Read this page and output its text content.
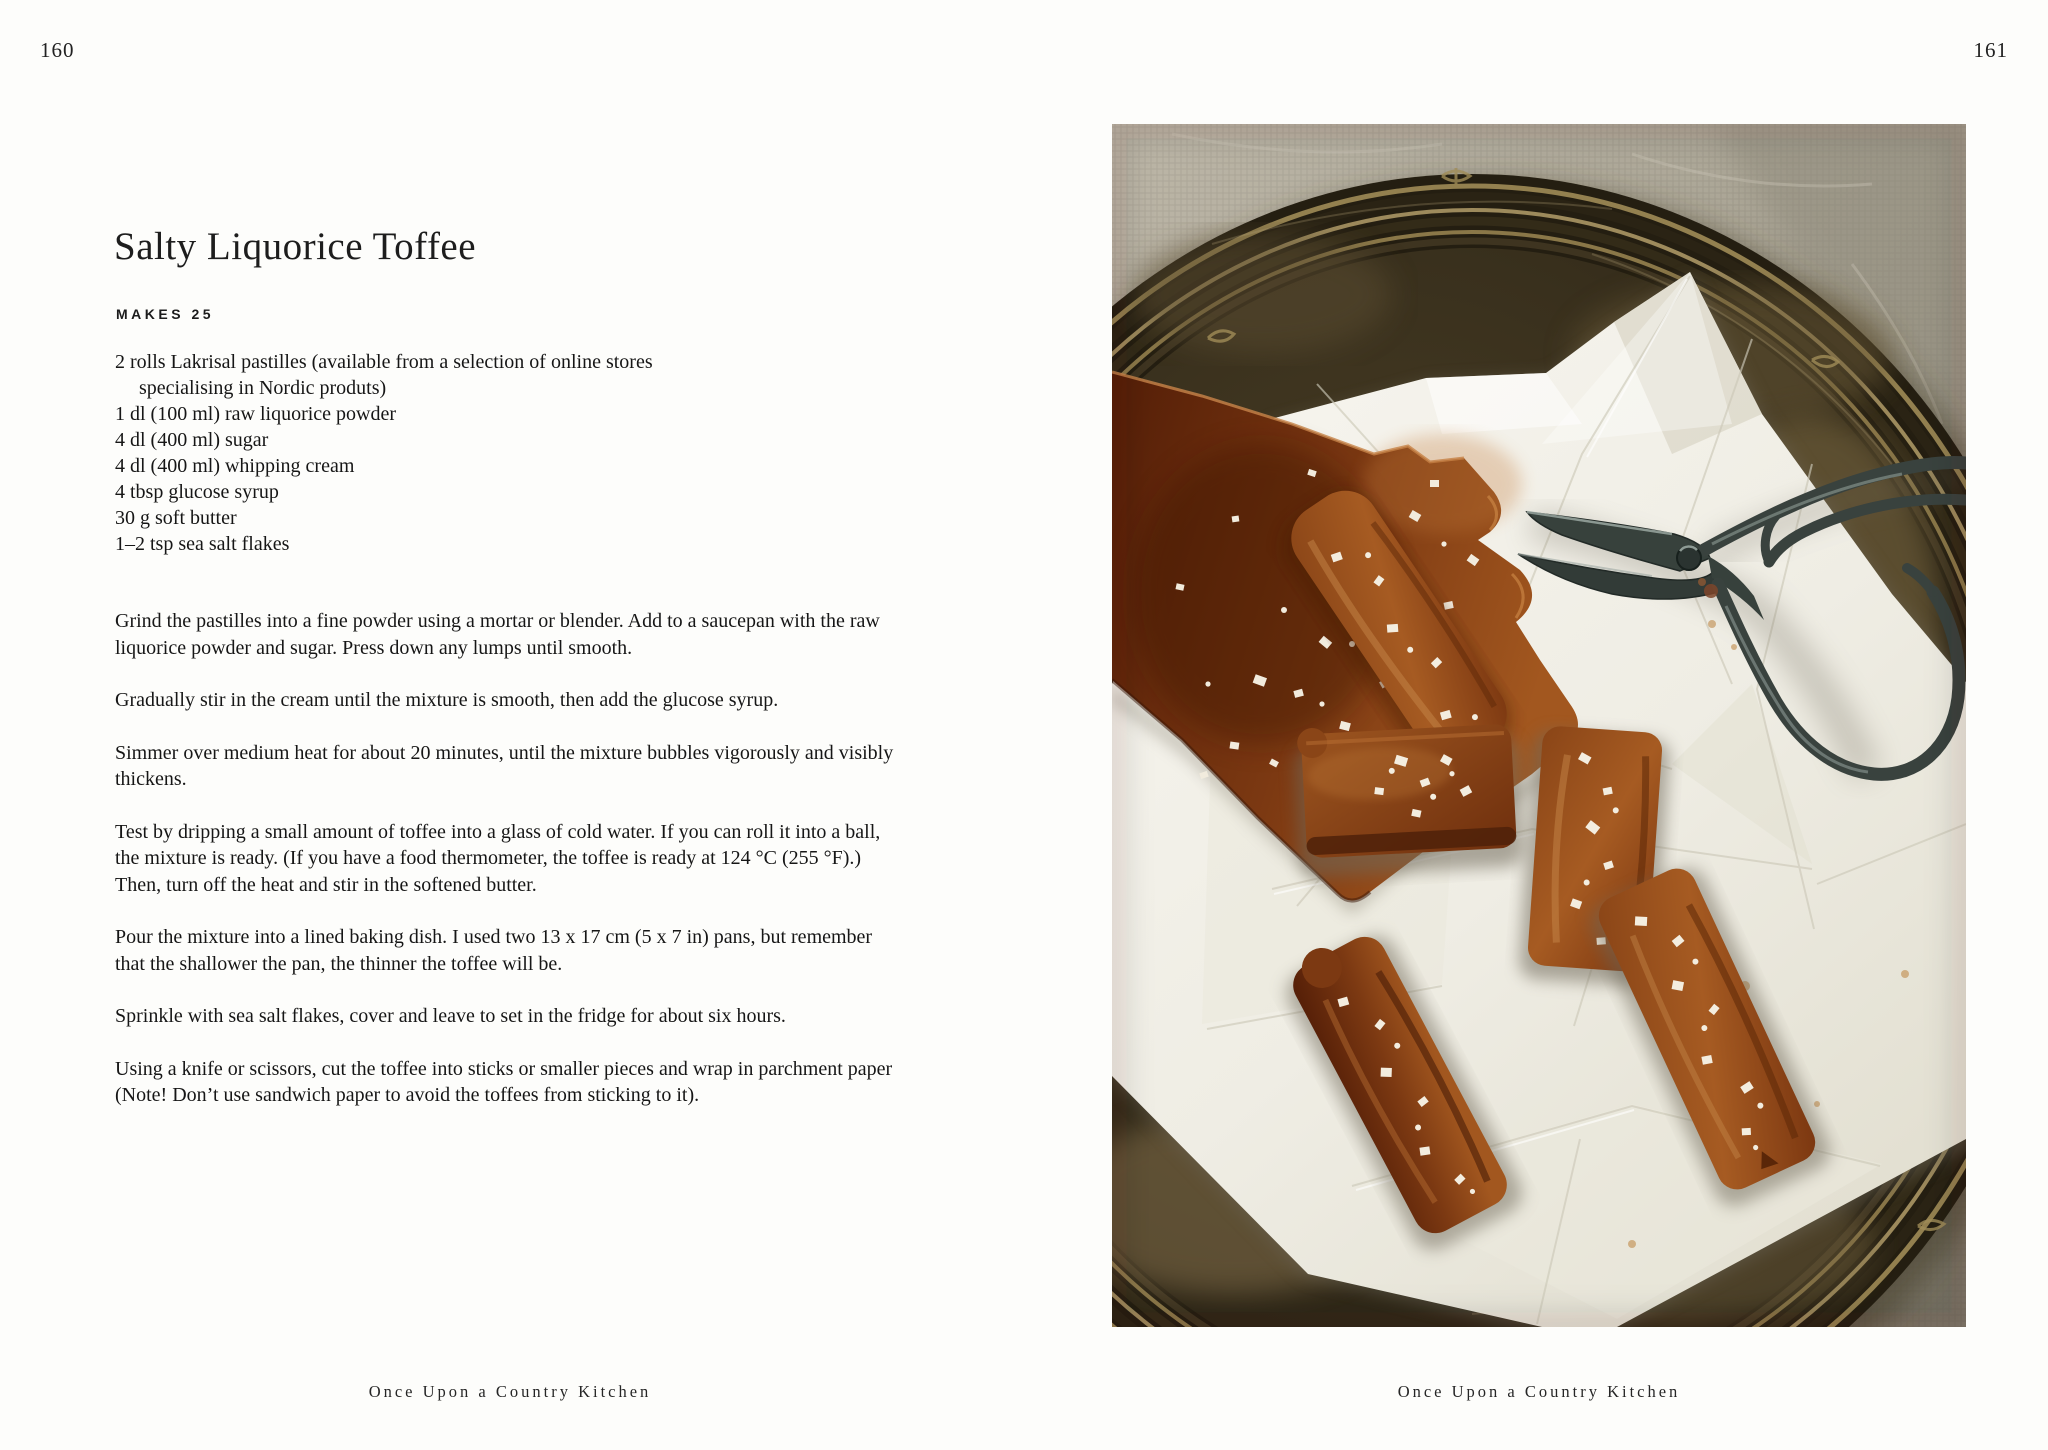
160
Salty Liquorice Toffee
MAKES 25
2 rolls Lakrisal pastilles (available from a selection of online stores specialising in Nordic produts)
1 dl (100 ml) raw liquorice powder
4 dl (400 ml) sugar
4 dl (400 ml) whipping cream
4 tbsp glucose syrup
30 g soft butter
1–2 tsp sea salt flakes

Grind the pastilles into a fine powder using a mortar or blender. Add to a saucepan with the raw liquorice powder and sugar. Press down any lumps until smooth.

Gradually stir in the cream until the mixture is smooth, then add the glucose syrup.

Simmer over medium heat for about 20 minutes, until the mixture bubbles vigorously and visibly thickens.

Test by dripping a small amount of toffee into a glass of cold water. If you can roll it into a ball, the mixture is ready. (If you have a food thermometer, the toffee is ready at 124 °C (255 °F).) Then, turn off the heat and stir in the softened butter.

Pour the mixture into a lined baking dish. I used two 13 x 17 cm (5 x 7 in) pans, but remember that the shallower the pan, the thinner the toffee will be.

Sprinkle with sea salt flakes, cover and leave to set in the fridge for about six hours.

Using a knife or scissors, cut the toffee into sticks or smaller pieces and wrap in parchment paper (Note! Don’t use sandwich paper to avoid the toffees from sticking to it).

Once Upon a Country Kitchen
161
Once Upon a Country Kitchen
